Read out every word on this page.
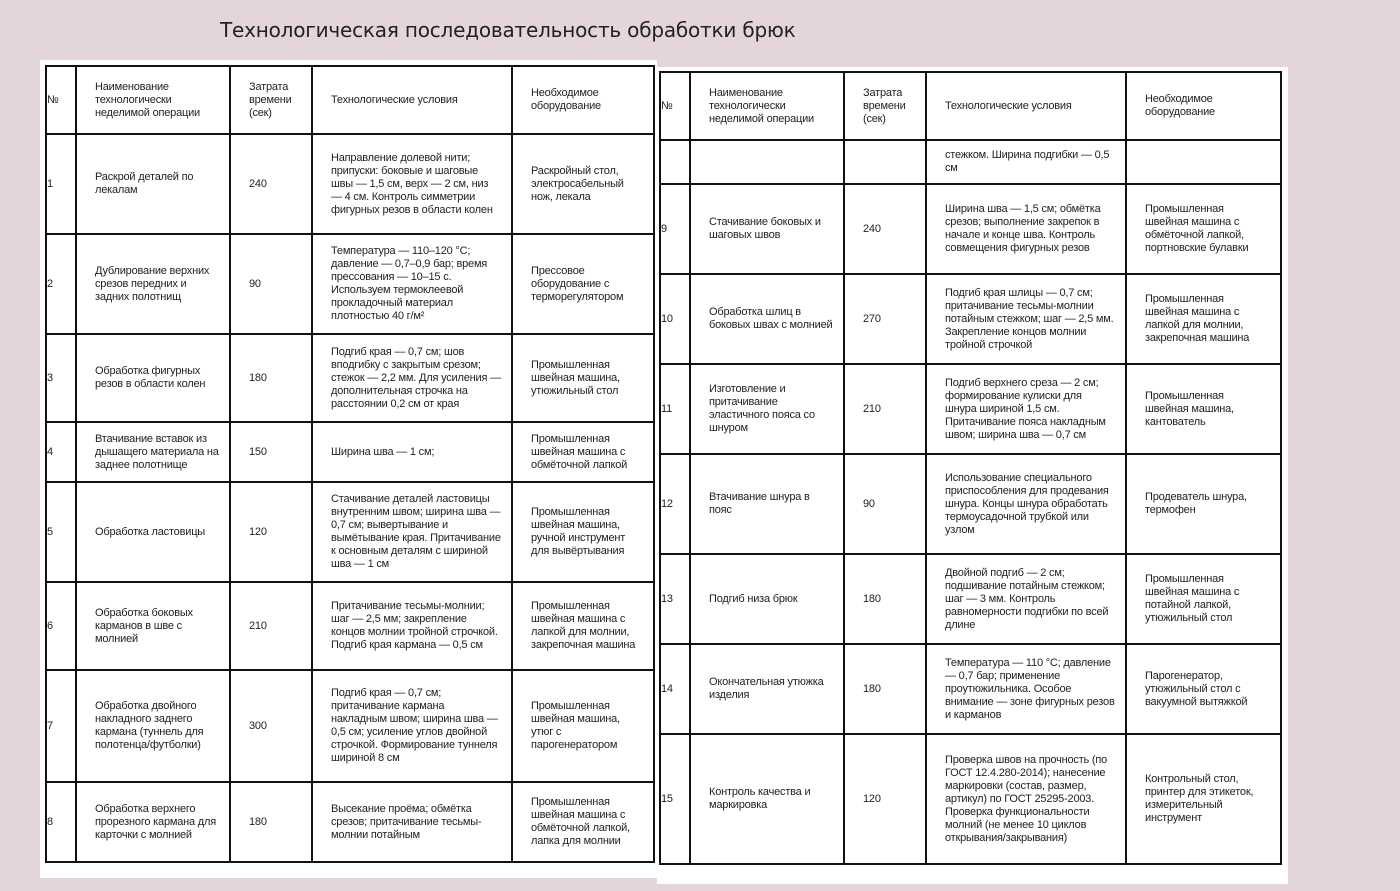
Технологическая последовательность обработки брюк
№	Наименование технологически неделимой операции	Затрата времени (сек)	Технологические условия	Необходимое оборудование
1	Раскрой деталей по лекалам	240	Направление долевой нити; припуски: боковые и шаговые швы — 1,5 см, верх — 2 см, низ — 4 см. Контроль симметрии фигурных резов в области колен	Раскройный стол, электросабельный нож, лекала
2	Дублирование верхних срезов передних и задних полотнищ	90	Температура — 110–120 °C; давление — 0,7–0,9 бар; время прессования — 10–15 с. Используем термоклеевой прокладочный материал плотностью 40 г/м²	Прессовое оборудование с терморегулятором
3	Обработка фигурных резов в области колен	180	Подгиб края — 0,7 см; шов вподгибку с закрытым срезом; стежок — 2,2 мм. Для усиления — дополнительная строчка на расстоянии 0,2 см от края	Промышленная швейная машина, утюжильный стол
4	Втачивание вставок из дышащего материала на заднее полотнище	150	Ширина шва — 1 см;	Промышленная швейная машина с обмёточной лапкой
5	Обработка ластовицы	120	Стачивание деталей ластовицы внутренним швом; ширина шва — 0,7 см; вывертывание и вымётывание края. Притачивание к основным деталям с шириной шва — 1 см	Промышленная швейная машина, ручной инструмент для вывёртывания
6	Обработка боковых карманов в шве с молнией	210	Притачивание тесьмы-молнии; шаг — 2,5 мм; закрепление концов молнии тройной строчкой. Подгиб края кармана — 0,5 см	Промышленная швейная машина с лапкой для молнии, закрепочная машина
7	Обработка двойного накладного заднего кармана (туннель для полотенца/футболки)	300	Подгиб края — 0,7 см; притачивание кармана накладным швом; ширина шва — 0,5 см; усиление углов двойной строчкой. Формирование туннеля шириной 8 см	Промышленная швейная машина, утюг с парогенератором
8	Обработка верхнего прорезного кармана для карточки с молнией	180	Высекание проёма; обмётка срезов; притачивание тесьмы-молнии потайным	Промышленная швейная машина с обмёточной лапкой, лапка для молнии
№	Наименование технологически неделимой операции	Затрата времени (сек)	Технологические условия	Необходимое оборудование
			стежком. Ширина подгибки — 0,5 см	
9	Стачивание боковых и шаговых швов	240	Ширина шва — 1,5 см; обмётка срезов; выполнение закрепок в начале и конце шва. Контроль совмещения фигурных резов	Промышленная швейная машина с обмёточной лапкой, портновские булавки
10	Обработка шлиц в боковых швах с молнией	270	Подгиб края шлицы — 0,7 см; притачивание тесьмы-молнии потайным стежком; шаг — 2,5 мм. Закрепление концов молнии тройной строчкой	Промышленная швейная машина с лапкой для молнии, закрепочная машина
11	Изготовление и притачивание эластичного пояса со шнуром	210	Подгиб верхнего среза — 2 см; формирование кулиски для шнура шириной 1,5 см. Притачивание пояса накладным швом; ширина шва — 0,7 см	Промышленная швейная машина, кантователь
12	Втачивание шнура в пояс	90	Использование специального приспособления для продевания шнура. Концы шнура обработать термоусадочной трубкой или узлом	Продеватель шнура, термофен
13	Подгиб низа брюк	180	Двойной подгиб — 2 см; подшивание потайным стежком; шаг — 3 мм. Контроль равномерности подгибки по всей длине	Промышленная швейная машина с потайной лапкой, утюжильный стол
14	Окончательная утюжка изделия	180	Температура — 110 °C; давление — 0,7 бар; применение проутюжильника. Особое внимание — зоне фигурных резов и карманов	Парогенератор, утюжильный стол с вакуумной вытяжкой
15	Контроль качества и маркировка	120	Проверка швов на прочность (по ГОСТ 12.4.280-2014); нанесение маркировки (состав, размер, артикул) по ГОСТ 25295-2003. Проверка функциональности молний (не менее 10 циклов открывания/закрывания)	Контрольный стол, принтер для этикеток, измерительный инструмент
